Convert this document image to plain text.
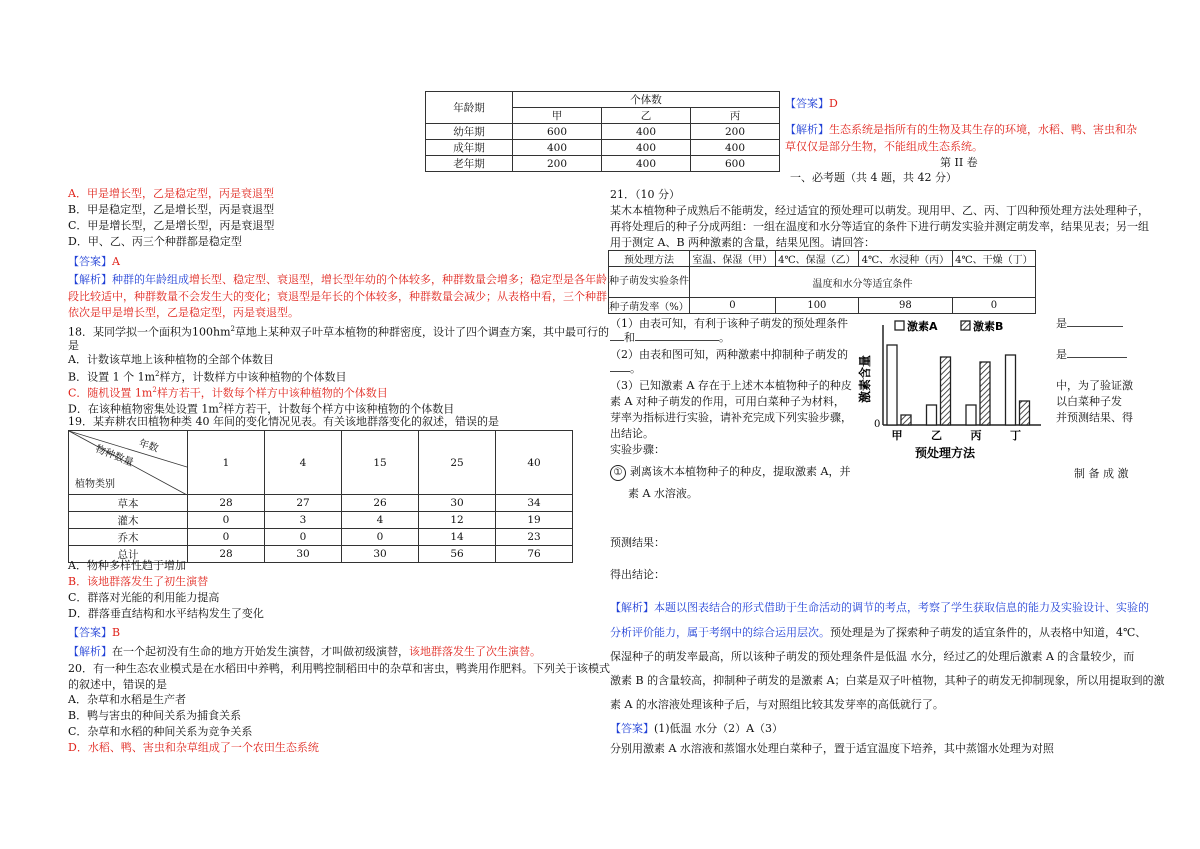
年龄期	个体数		
	甲	乙	丙
幼年期	600	400	200
成年期	400	400	400
老年期	200	400	600
A．甲是增长型，乙是稳定型，丙是衰退型
B．甲是稳定型，乙是增长型，丙是衰退型
C．甲是增长型，乙是增长型，丙是衰退型
D．甲、乙、丙三个种群都是稳定型
【答案】A
【解析】种群的年龄组成增长型、稳定型、衰退型，增长型年幼的个体较多，种群数量会增多；稳定型是各年龄
段比较适中，种群数量不会发生大的变化；衰退型是年长的个体较多，种群数量会减少；从表格中看，三个种群
依次是甲是增长型，乙是稳定型，丙是衰退型。
18．某同学拟一个面积为$100hm^2$草地上某种双子叶草本植物的种群密度，设计了四个调查方案，其中最可行的
是
A．计数该草地上该种植物的全部个体数目
B．设置 1 个 $1m^2$样方，计数样方中该种植物的个体数目
C．随机设置 $1m^2$样方若干，计数每个样方中该种植物的个体数目
D．在该种植物密集处设置 $1m^2$样方若干，计数每个样方中该种植物的个体数目
19．某弃耕农田植物种类 40 年间的变化情况见表。有关该地群落变化的叙述，错误的是
年数
物种数量
植物类别	1	4	15	25	40
草本	28	27	26	30	34
灌木	0	3	4	12	19
乔木	0	0	0	14	23
总计	28	30	30	56	76
A．物种多样性趋于增加
B．该地群落发生了初生演替
C．群落对光能的利用能力提高
D．群落垂直结构和水平结构发生了变化
【答案】B
【解析】在一个起初没有生命的地方开始发生演替，才叫做初级演替，该地群落发生了次生演替。
20．有一种生态农业模式是在水稻田中养鸭，利用鸭控制稻田中的杂草和害虫，鸭粪用作肥料。下列关于该模式
的叙述中，错误的是
A．杂草和水稻是生产者
B．鸭与害虫的种间关系为捕食关系
C．杂草和水稻的种间关系为竞争关系
D．水稻、鸭、害虫和杂草组成了一个农田生态系统
【答案】D
【解析】生态系统是指所有的生物及其生存的环境，水稻、鸭、害虫和杂
草仅仅是部分生物，不能组成生态系统。
第 II 卷
一、必考题（共 4 题，共 42 分）
21．（10 分）
某木本植物种子成熟后不能萌发，经过适宜的预处理可以萌发。现用甲、乙、丙、丁四种预处理方法处理种子，
再将处理后的种子分成两组：一组在温度和水分等适宜的条件下进行萌发实验并测定萌发率，结果见表；另一组
用于测定 A、B 两种激素的含量，结果见图。请回答：
预处理方法	室温、保湿（甲）	4℃、保湿（乙）	4℃、水浸种（丙）	4℃、干燥（丁）
种子萌发实验条件	温度和水分等适宜条件			
种子萌发率（%）	0	100	98	0
（1）由表可知，有利于该种子萌发的预处理条件	是
和	。
（2）由表和图可知，两种激素中抑制种子萌发的	是
。
（3）已知激素 A 存在于上述木本植物种子的种皮	中，为了验证激
素 A 对种子萌发的作用，可用白菜种子为材料，	以白菜种子发
芽率为指标进行实验，请补充完成下列实验步骤，	并预测结果、得
出结论。
实验步骤：
① 剥离该木本植物种子的种皮，提取激素 A，并	制 备 成 激
素 A 水溶液。
预测结果：
得出结论：
【解析】本题以图表结合的形式借助于生命活动的调节的考点，考察了学生获取信息的能力及实验设计、实验的
分析评价能力，属于考纲中的综合运用层次。预处理是为了探索种子萌发的适宜条件的，从表格中知道，4℃、
保湿种子的萌发率最高，所以该种子萌发的预处理条件是低温 水分，经过乙的处理后激素 A 的含量较少，而
激素 B 的含量较高，抑制种子萌发的是激素 A；白菜是双子叶植物，其种子的萌发无抑制现象，所以用提取到的激
素 A 的水溶液处理该种子后，与对照组比较其发芽率的高低就行了。
【答案】(1)低温 水分（2）A（3）
分别用激素 A 水溶液和蒸馏水处理白菜种子，置于适宜温度下培养，其中蒸馏水处理为对照
激素含量
预处理方法
0
激素A	激素B
甲	乙	丙	丁
